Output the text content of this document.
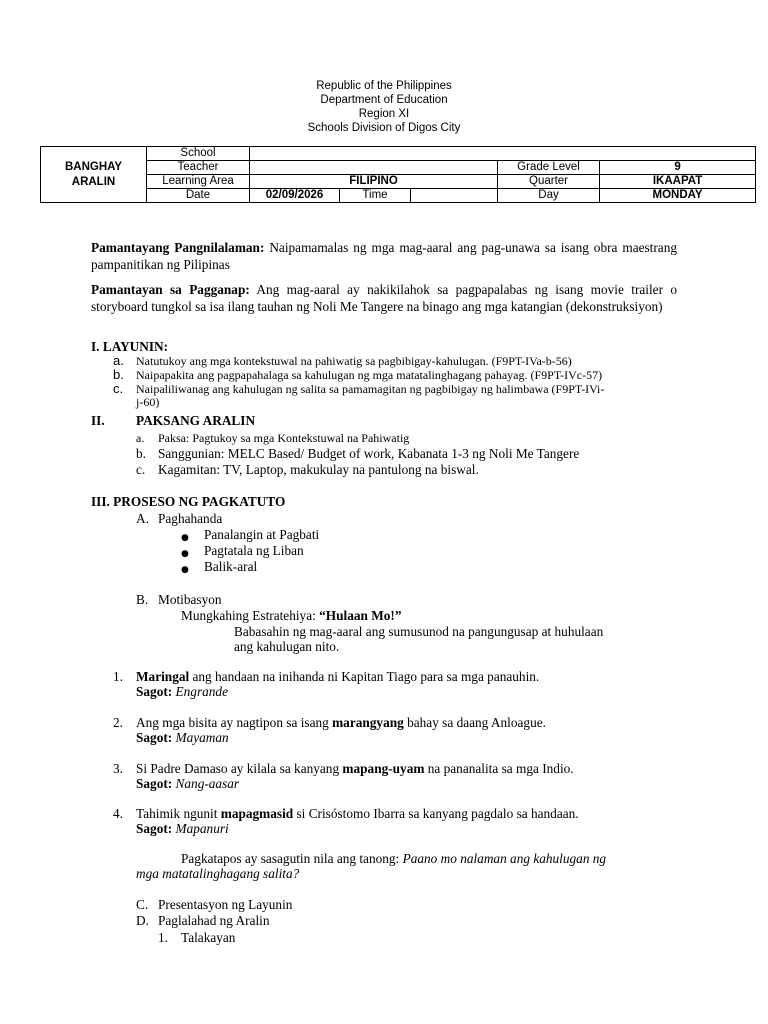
Republic of the Philippines
Department of Education
Region XI
Schools Division of Digos City
BANGHAY
ARALIN	School					
	Teacher				Grade Level	9
	Learning Area	FILIPINO			Quarter	IKAAPAT
	Date	02/09/2026	Time		Day	MONDAY
Pamantayang Pangnilalaman: Naipamamalas ng mga mag-aaral ang pag-unawa sa isang obra maestrang pampanitikan ng Pilipinas
Pamantayan sa Pagganap: Ang mag-aaral ay nakikilahok sa pagpapalabas ng isang movie trailer o storyboard tungkol sa isa ilang tauhan ng Noli Me Tangere na binago ang mga katangian (dekonstruksiyon)
I. LAYUNIN:
a. Natutukoy ang mga kontekstuwal na pahiwatig sa pagbibigay-kahulugan. (F9PT-IVa-b-56)
b. Naipapakita ang pagpapahalaga sa kahulugan ng mga matatalinghagang pahayag. (F9PT-IVc-57)
c. Naipaliliwanag ang kahulugan ng salita sa pamamagitan ng pagbibigay ng halimbawa (F9PT-IVi-
j-60)
II. PAKSANG ARALIN
a. Paksa: Pagtukoy sa mga Kontekstuwal na Pahiwatig
b. Sanggunian: MELC Based/ Budget of work, Kabanata 1-3 ng Noli Me Tangere
c. Kagamitan: TV, Laptop, makukulay na pantulong na biswal.
III. PROSESO NG PAGKATUTO
A. Paghahanda
● Panalangin at Pagbati
● Pagtatala ng Liban
● Balik-aral
B. Motibasyon
Mungkahing Estratehiya: “Hulaan Mo!”
Babasahin ng mag-aaral ang sumusunod na pangungusap at huhulaan
ang kahulugan nito.
1. Maringal ang handaan na inihanda ni Kapitan Tiago para sa mga panauhin.
Sagot: Engrande
2. Ang mga bisita ay nagtipon sa isang marangyang bahay sa daang Anloague.
Sagot: Mayaman
3. Si Padre Damaso ay kilala sa kanyang mapang-uyam na pananalita sa mga Indio.
Sagot: Nang-aasar
4. Tahimik ngunit mapagmasid si Crisóstomo Ibarra sa kanyang pagdalo sa handaan.
Sagot: Mapanuri
Pagkatapos ay sasagutin nila ang tanong: Paano mo nalaman ang kahulugan ng
mga matatalinghagang salita?
C. Presentasyon ng Layunin
D. Paglalahad ng Aralin
1. Talakayan
